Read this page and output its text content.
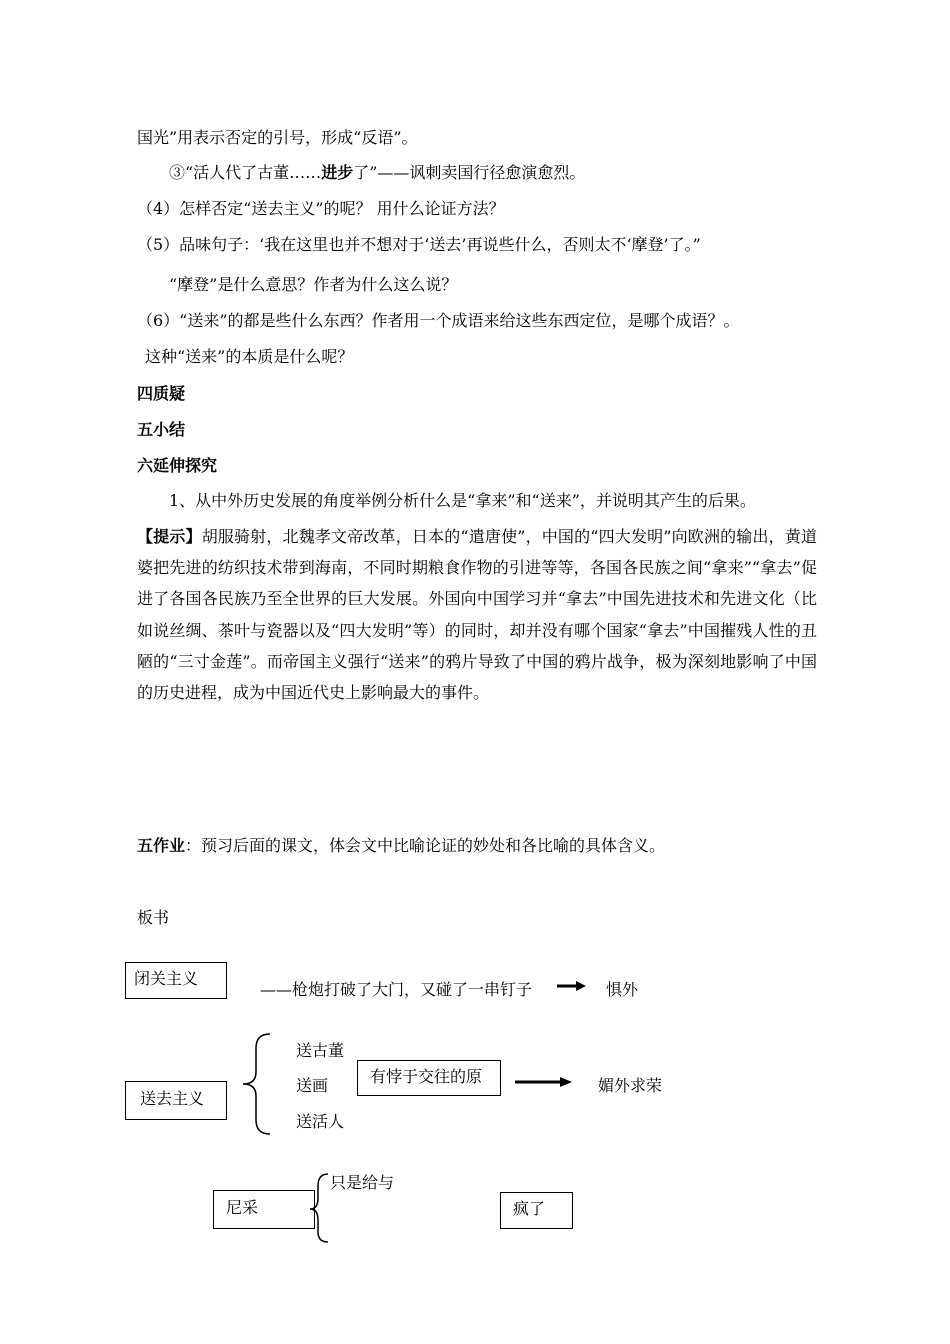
国光”用表示否定的引号，形成“反语”。
③“活人代了古董……进步了”——讽刺卖国行径愈演愈烈。
（4）怎样否定“送去主义”的呢？ 用什么论证方法？
（5）品味句子：‘我在这里也并不想对于‘送去’再说些什么，否则太不‘摩登’了。”
“摩登”是什么意思？作者为什么这么说？
（6）“送来”的都是些什么东西？作者用一个成语来给这些东西定位，是哪个成语？。
这种“送来”的本质是什么呢？
四质疑
五小结
六延伸探究
1、从中外历史发展的角度举例分析什么是“拿来”和“送来”，并说明其产生的后果。
【提示】胡服骑射，北魏孝文帝改革，日本的“遣唐使”，中国的“四大发明”向欧洲的输出，黄道婆把先进的纺织技术带到海南，不同时期粮食作物的引进等等，各国各民族之间“拿来”“拿去”促进了各国各民族乃至全世界的巨大发展。外国向中国学习并“拿去”中国先进技术和先进文化（比如说丝绸、茶叶与瓷器以及“四大发明”等）的同时，却并没有哪个国家“拿去”中国摧残人性的丑陋的“三寸金莲”。而帝国主义强行“送来”的鸦片导致了中国的鸦片战争，极为深刻地影响了中国的历史进程，成为中国近代史上影响最大的事件。
五作业：预习后面的课文，体会文中比喻论证的妙处和各比喻的具体含义。
板书
闭关主义
——枪炮打破了大门，又碰了一串钉子	惧外
送去主义
送古董
送画
送活人
有悖于交往的原	媚外求荣
尼采
只是给与
疯了
